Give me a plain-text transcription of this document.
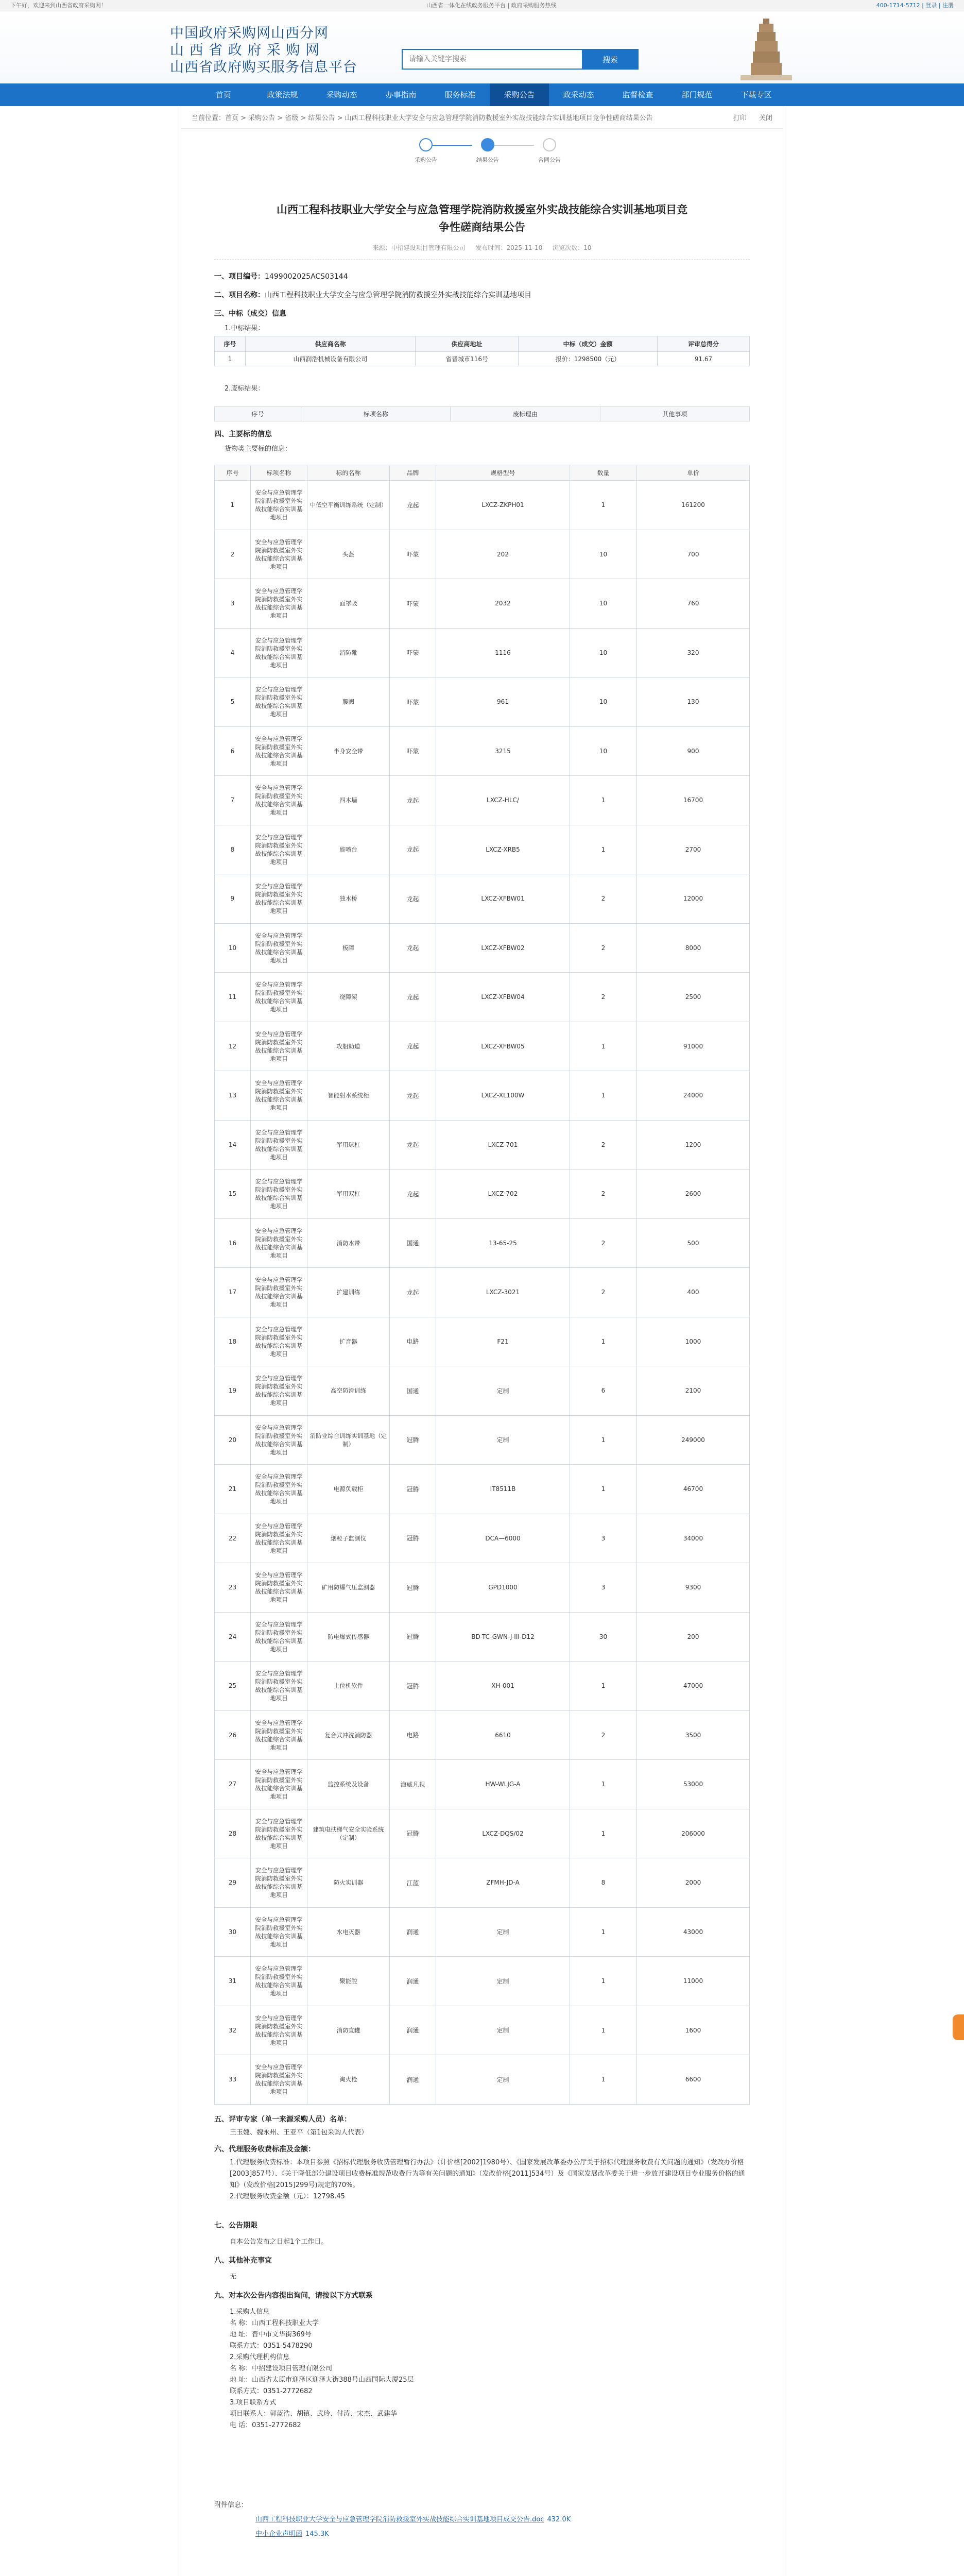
下午好，欢迎来到山西省政府采购网！	山西省一体化在线政务服务平台 | 政府采购服务热线	400-1714-5712 | 登录 | 注册
中国政府采购网山西分网
山 西 省 政 府 采 购 网
山西省政府购买服务信息平台
请输入关键字搜索	搜索
首页	政策法规	采购动态	办事指南	服务标准	采购公告	政采动态	监督检查	部门规范	下载专区
当前位置：首页 > 采购公告 > 省级 > 结果公告 > 山西工程科技职业大学安全与应急管理学院消防救援室外实战技能综合实训基地项目竞争性磋商结果公告	打印 关闭
采购公告	结果公告	合同公告
山西工程科技职业大学安全与应急管理学院消防救援室外实战技能综合实训基地项目竞争性磋商结果公告
来源：中招建设项目管理有限公司 发布时间：2025-11-10 浏览次数：10
一、项目编号：1499002025ACS03144
二、项目名称：山西工程科技职业大学安全与应急管理学院消防救援室外实战技能综合实训基地项目
三、中标（成交）信息
1.中标结果：
序号	供应商名称	供应商地址	中标（成交）金额	评审总得分
1	山西润浩机械设备有限公司	省晋城市116号	报价：1298500（元）	91.67
2.废标结果：
序号	标项名称	废标理由	其他事项
四、主要标的信息
货物类主要标的信息：
序号	标项名称	标的名称	品牌	规格型号	数量	单价
1	安全与应急管理学院消防救援室外实战技能综合实训基地项目	中低空平衡训练系统（定制）	龙起	LXCZ-ZKPH01	1	161200
2	安全与应急管理学院消防救援室外实战技能综合实训基地项目	头盔	吓蒙	202	10	700
3	安全与应急管理学院消防救援室外实战技能综合实训基地项目	面罩吸	吓蒙	2032	10	760
4	安全与应急管理学院消防救援室外实战技能综合实训基地项目	消防靴	吓蒙	1116	10	320
5	安全与应急管理学院消防救援室外实战技能综合实训基地项目	腰阀	吓蒙	961	10	130
6	安全与应急管理学院消防救援室外实战技能综合实训基地项目	半身安全带	吓蒙	3215	10	900
7	安全与应急管理学院消防救援室外实战技能综合实训基地项目	四木墙	龙起	LXCZ-HLC/	1	16700
8	安全与应急管理学院消防救援室外实战技能综合实训基地项目	能喷台	龙起	LXCZ-XRB5	1	2700
9	安全与应急管理学院消防救援室外实战技能综合实训基地项目	独木桥	龙起	LXCZ-XFBW01	2	12000
10	安全与应急管理学院消防救援室外实战技能综合实训基地项目	板障	龙起	LXCZ-XFBW02	2	8000
11	安全与应急管理学院消防救援室外实战技能综合实训基地项目	绕障架	龙起	LXCZ-XFBW04	2	2500
12	安全与应急管理学院消防救援室外实战技能综合实训基地项目	攻船助道	龙起	LXCZ-XFBW05	1	91000
13	安全与应急管理学院消防救援室外实战技能综合实训基地项目	智能射水系统柜	龙起	LXCZ-XL100W	1	24000
14	安全与应急管理学院消防救援室外实战技能综合实训基地项目	军用球杠	龙起	LXCZ-701	2	1200
15	安全与应急管理学院消防救援室外实战技能综合实训基地项目	军用双杠	龙起	LXCZ-702	2	2600
16	安全与应急管理学院消防救援室外实战技能综合实训基地项目	消防水带	国通	13-65-25	2	500
17	安全与应急管理学院消防救援室外实战技能综合实训基地项目	扩建训练	龙起	LXCZ-3021	2	400
18	安全与应急管理学院消防救援室外实战技能综合实训基地项目	扩音器	电路	F21	1	1000
19	安全与应急管理学院消防救援室外实战技能综合实训基地项目	高空防滑训练	国通	定制	6	2100
20	安全与应急管理学院消防救援室外实战技能综合实训基地项目	消防业综合训练实训基地（定制）	冠腾	定制	1	249000
21	安全与应急管理学院消防救援室外实战技能综合实训基地项目	电源负载柜	冠腾	IT8511B	1	46700
22	安全与应急管理学院消防救援室外实战技能综合实训基地项目	烟粒子监测仪	冠腾	DCA—6000	3	34000
23	安全与应急管理学院消防救援室外实战技能综合实训基地项目	矿用防爆气压监测器	冠腾	GPD1000	3	9300
24	安全与应急管理学院消防救援室外实战技能综合实训基地项目	防电爆式传感器	冠腾	BD-TC-GWN-J-III-D12	30	200
25	安全与应急管理学院消防救援室外实战技能综合实训基地项目	上位机软件	冠腾	XH-001	1	47000
26	安全与应急管理学院消防救援室外实战技能综合实训基地项目	复合式冲洗消防器	电路	6610	2	3500
27	安全与应急管理学院消防救援室外实战技能综合实训基地项目	监控系统及设备	海威凡视	HW-WLJG-A	1	53000
28	安全与应急管理学院消防救援室外实战技能综合实训基地项目	建筑电扶梯气安全实验系统（定制）	冠腾	LXCZ-DQS/02	1	206000
29	安全与应急管理学院消防救援室外实战技能综合实训基地项目	防火实训器	江蓝	ZFMH-JD-A	8	2000
30	安全与应急管理学院消防救援室外实战技能综合实训基地项目	水电灭器	润通	定制	1	43000
31	安全与应急管理学院消防救援室外实战技能综合实训基地项目	聚能腔	润通	定制	1	11000
32	安全与应急管理学院消防救援室外实战技能综合实训基地项目	消防直罐	润通	定制	1	1600
33	安全与应急管理学院消防救援室外实战技能综合实训基地项目	淘火枪	润通	定制	1	6600
五、评审专家（单一来源采购人员）名单：
王玉婕、魏永州、王亚平（第1包采购人代表）
六、代理服务收费标准及金额：
1.代理服务收费标准：本项目参照《招标代理服务收费管理暂行办法》（计价格[2002]1980号）、《国家发展改革委办公厅关于招标代理服务收费有关问题的通知》（发改办价格[2003]857号）、《关于降低部分建设项目收费标准规范收费行为等有关问题的通知》（发改价格[2011]534号）及《国家发展改革委关于进一步放开建设项目专业服务价格的通知》（发改价格[2015]299号)规定的70%。
2.代理服务收费金额（元）：12798.45
七、公告期限
自本公告发布之日起1个工作日。
八、其他补充事宜
无
九、对本次公告内容提出询问，请按以下方式联系
1.采购人信息
名 称：山西工程科技职业大学
地 址：晋中市文华街369号
联系方式：0351-5478290
2.采购代理机构信息
名 称：中招建设项目管理有限公司
地 址：山西省太原市迎泽区迎泽大街388号山西国际大厦25层
联系方式：0351-2772682
3.项目联系方式
项目联系人：郭蓝浩、胡镇、武玲、付涛、宋杰、武建华
电 话：0351-2772682
附件信息：
山西工程科技职业大学安全与应急管理学院消防救援室外实战技能综合实训基地项目成交公告.doc 432.0K
中小企业声明函 145.3K
